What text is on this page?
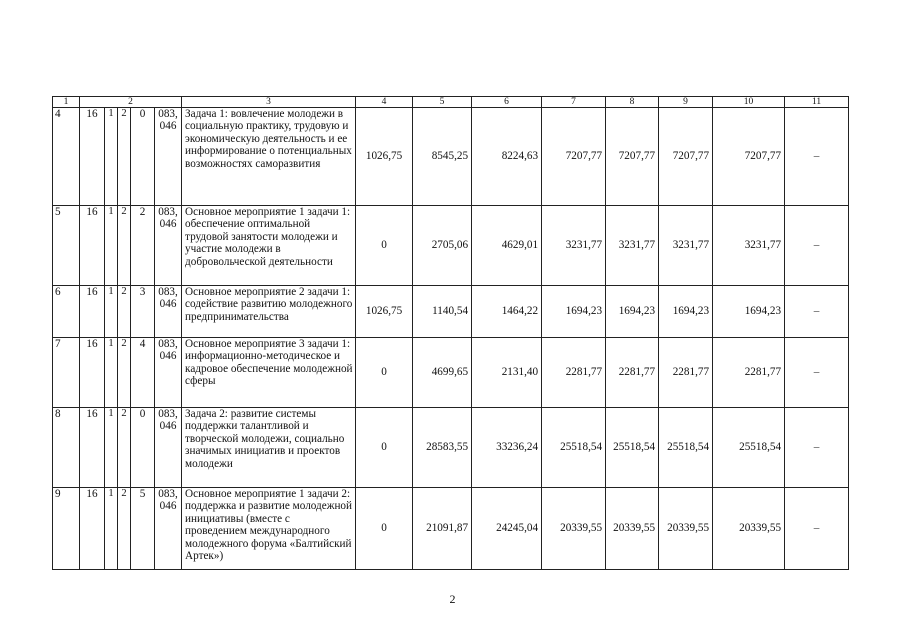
1	2					3	4	5	6	7	8	9	10	11
4	16	1	2	0	083, 046	Задача 1: вовлечение молодежи в социальную практику, трудовую и экономическую деятельность и ее информирование о потенциальных возможностях саморазвития	1026,75	8545,25	8224,63	7207,77	7207,77	7207,77	7207,77	–
5	16	1	2	2	083, 046	Основное мероприятие 1 задачи 1: обеспечение оптимальной трудовой занятости молодежи и участие молодежи в добровольческой деятельности	0	2705,06	4629,01	3231,77	3231,77	3231,77	3231,77	–
6	16	1	2	3	083, 046	Основное мероприятие 2 задачи 1: содействие развитию молодежного предпринимательства	1026,75	1140,54	1464,22	1694,23	1694,23	1694,23	1694,23	–
7	16	1	2	4	083, 046	Основное мероприятие 3 задачи 1: информационно-методическое и кадровое обеспечение молодежной сферы	0	4699,65	2131,40	2281,77	2281,77	2281,77	2281,77	–
8	16	1	2	0	083, 046	Задача 2: развитие системы поддержки талантливой и творческой молодежи, социально значимых инициатив и проектов молодежи	0	28583,55	33236,24	25518,54	25518,54	25518,54	25518,54	–
9	16	1	2	5	083, 046	Основное мероприятие 1 задачи 2: поддержка и развитие молодежной инициативы (вместе с проведением международного молодежного форума «Балтийский Артек»)	0	21091,87	24245,04	20339,55	20339,55	20339,55	20339,55	–
2
